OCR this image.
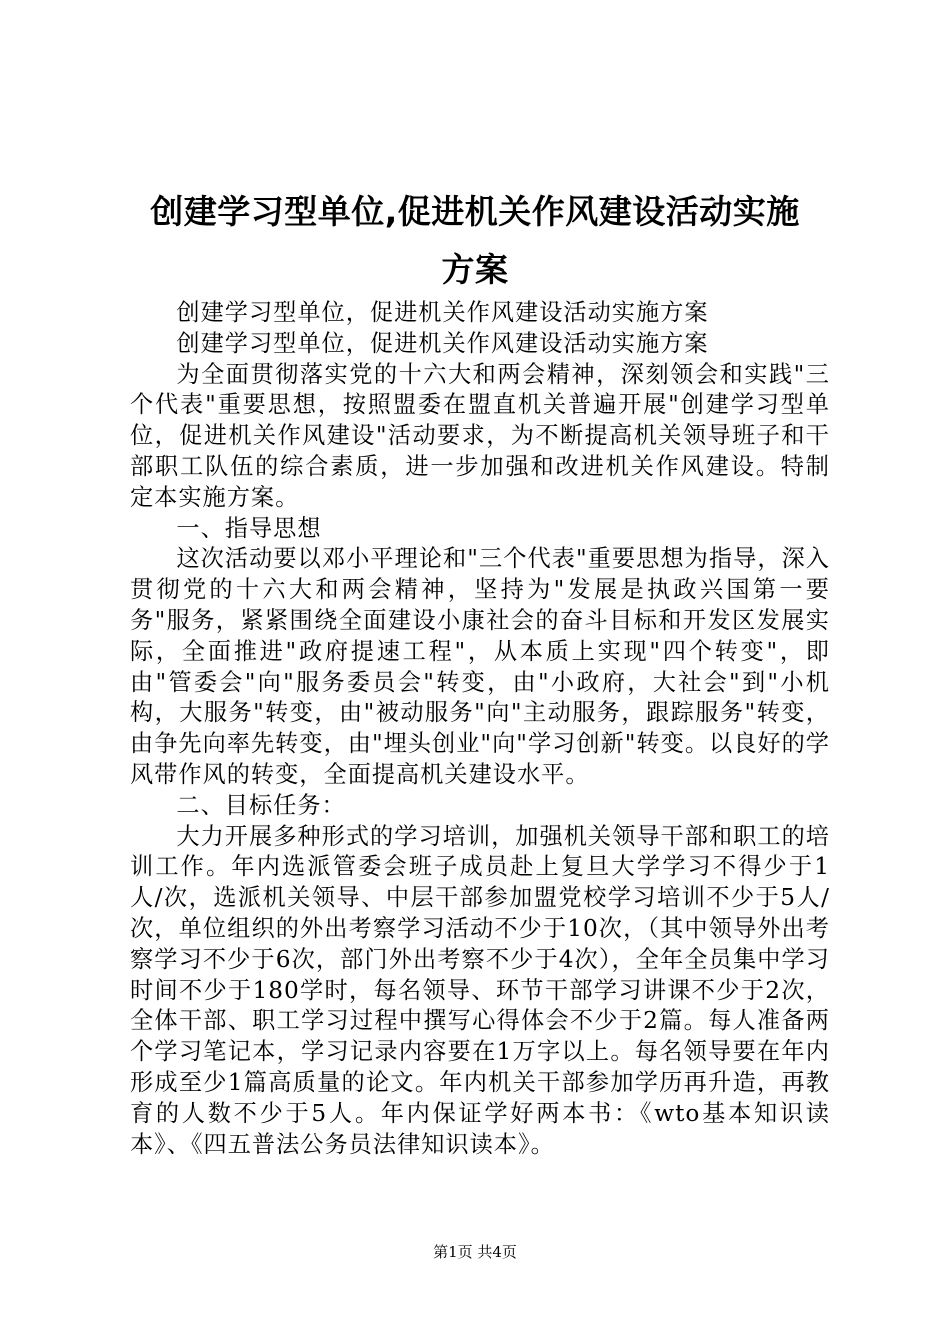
创建学习型单位,促进机关作风建设活动实施
方案

创建学习型单位，促进机关作风建设活动实施方案

创建学习型单位，促进机关作风建设活动实施方案

为全面贯彻落实党的十六大和两会精神，深刻领会和实践"三个代表"重要思想，按照盟委在盟直机关普遍开展"创建学习型单位，促进机关作风建设"活动要求，为不断提高机关领导班子和干部职工队伍的综合素质，进一步加强和改进机关作风建设。特制定本实施方案。

一、指导思想

这次活动要以邓小平理论和"三个代表"重要思想为指导，深入贯彻党的十六大和两会精神，坚持为"发展是执政兴国第一要务"服务，紧紧围绕全面建设小康社会的奋斗目标和开发区发展实际，全面推进"政府提速工程"，从本质上实现"四个转变"，即由"管委会"向"服务委员会"转变，由"小政府，大社会"到"小机构，大服务"转变，由"被动服务"向"主动服务，跟踪服务"转变，由争先向率先转变，由"埋头创业"向"学习创新"转变。以良好的学风带作风的转变，全面提高机关建设水平。

二、目标任务：

大力开展多种形式的学习培训，加强机关领导干部和职工的培训工作。年内选派管委会班子成员赴上复旦大学学习不得少于1人/次，选派机关领导、中层干部参加盟党校学习培训不少于5人/次，单位组织的外出考察学习活动不少于10次，（其中领导外出考察学习不少于6次，部门外出考察不少于4次），全年全员集中学习时间不少于180学时，每名领导、环节干部学习讲课不少于2次，全体干部、职工学习过程中撰写心得体会不少于2篇。每人准备两个学习笔记本，学习记录内容要在1万字以上。每名领导要在年内形成至少1篇高质量的论文。年内机关干部参加学历再升造，再教育的人数不少于5人。年内保证学好两本书：《wto基本知识读本》、《四五普法公务员法律知识读本》。

第1页 共4页
